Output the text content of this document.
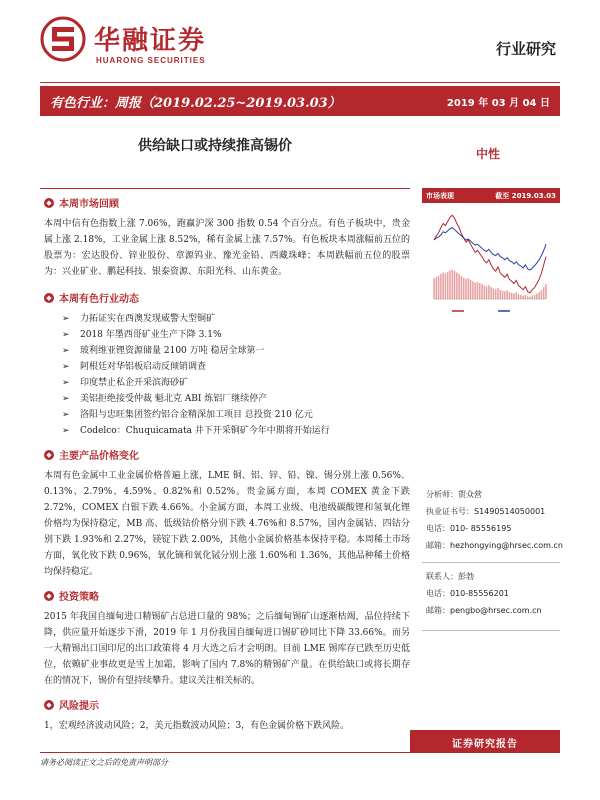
华融证券
HUARONG SECURITIES
行业研究
有色行业：周报（2019.02.25~2019.03.03）	2019 年 03 月 04 日
供给缺口或持续推高锡价	中性
◆ 本周市场回顾

本周中信有色指数上涨 7.06%，跑赢沪深 300 指数 0.54 个百分点。有色子板块中，贵金属上涨 2.18%，工业金属上涨 8.52%，稀有金属上涨 7.57%。有色板块本周涨幅前五位的股票为：宏达股份、锌业股份、章源钨业、豫光金铅、西藏珠峰；本周跌幅前五位的股票为：兴业矿业、鹏起科技、银泰资源、东阳光科、山东黄金。

◆ 本周有色行业动态
➢ 力拓证实在西澳发现威警大型铜矿
➢ 2018 年墨西哥矿业生产下降 3.1%
➢ 玻利维亚锂资源储量 2100 万吨 稳居全球第一
➢ 阿根廷对华铝板启动反倾销调查
➢ 印度禁止私企开采滨海砂矿
➢ 美铝拒绝接受仲裁 魁北克 ABI 炼铝厂继续停产
➢ 洛阳与忠旺集团签约铝合金精深加工项目 总投资 210 亿元
➢ Codelco：Chuquicamata 井下开采铜矿今年中期将开始运行
◆ 主要产品价格变化

本周有色金属中工业金属价格普遍上涨，LME 铜、铝、锌、铅、镍、锡分别上涨 0.56%、0.13%、2.79%、4.59%、0.82%和 0.52%。贵金属方面，本周 COMEX 黄金下跌 2.72%，COMEX 白银下跌 4.66%。小金属方面，本周工业级、电池级碳酸锂和氢氧化锂价格均为保持稳定，MB 高、低级钴价格分别下跌 4.76%和 8.57%，国内金属钴、四钴分别下跌 1.93%和 2.27%，镁锭下跌 2.00%，其他小金属价格基本保持平稳。本周稀土市场方面，氧化钕下跌 0.96%，氧化镝和氧化铽分别上涨 1.60%和 1.36%，其他品种稀土价格均保持稳定。

◆ 投资策略

2015 年我国自缅甸进口精锡矿占总进口量的 98%；之后缅甸锡矿山逐渐枯竭，品位持续下降，供应量开始逐步下滑，2019 年 1 月份我国自缅甸进口锡矿砂同比下降 33.66%。而另一大精锡出口国印尼的出口政策将 4 月大选之后才会明朗。目前 LME 锡库存已跌至历史低位，依赖矿业事故更是雪上加霜，影响了国内 7.8%的精锡矿产量。在供给缺口或将长期存在的情况下，锡价有望持续攀升。建议关注相关标的。

◆ 风险提示

1，宏观经济波动风险；2，美元指数波动风险；3，有色金属价格下跌风险。

市场表现	截至 2019.03.03
分析师：贺众营
执业证书号：S1490514050001
电话：010- 85556195
邮箱：hezhongying@hrsec.com.cn
联系人：彭勃
电话：010-85556201
邮箱：pengbo@hrsec.com.cn
证券研究报告
请务必阅读正文之后的免责声明部分
